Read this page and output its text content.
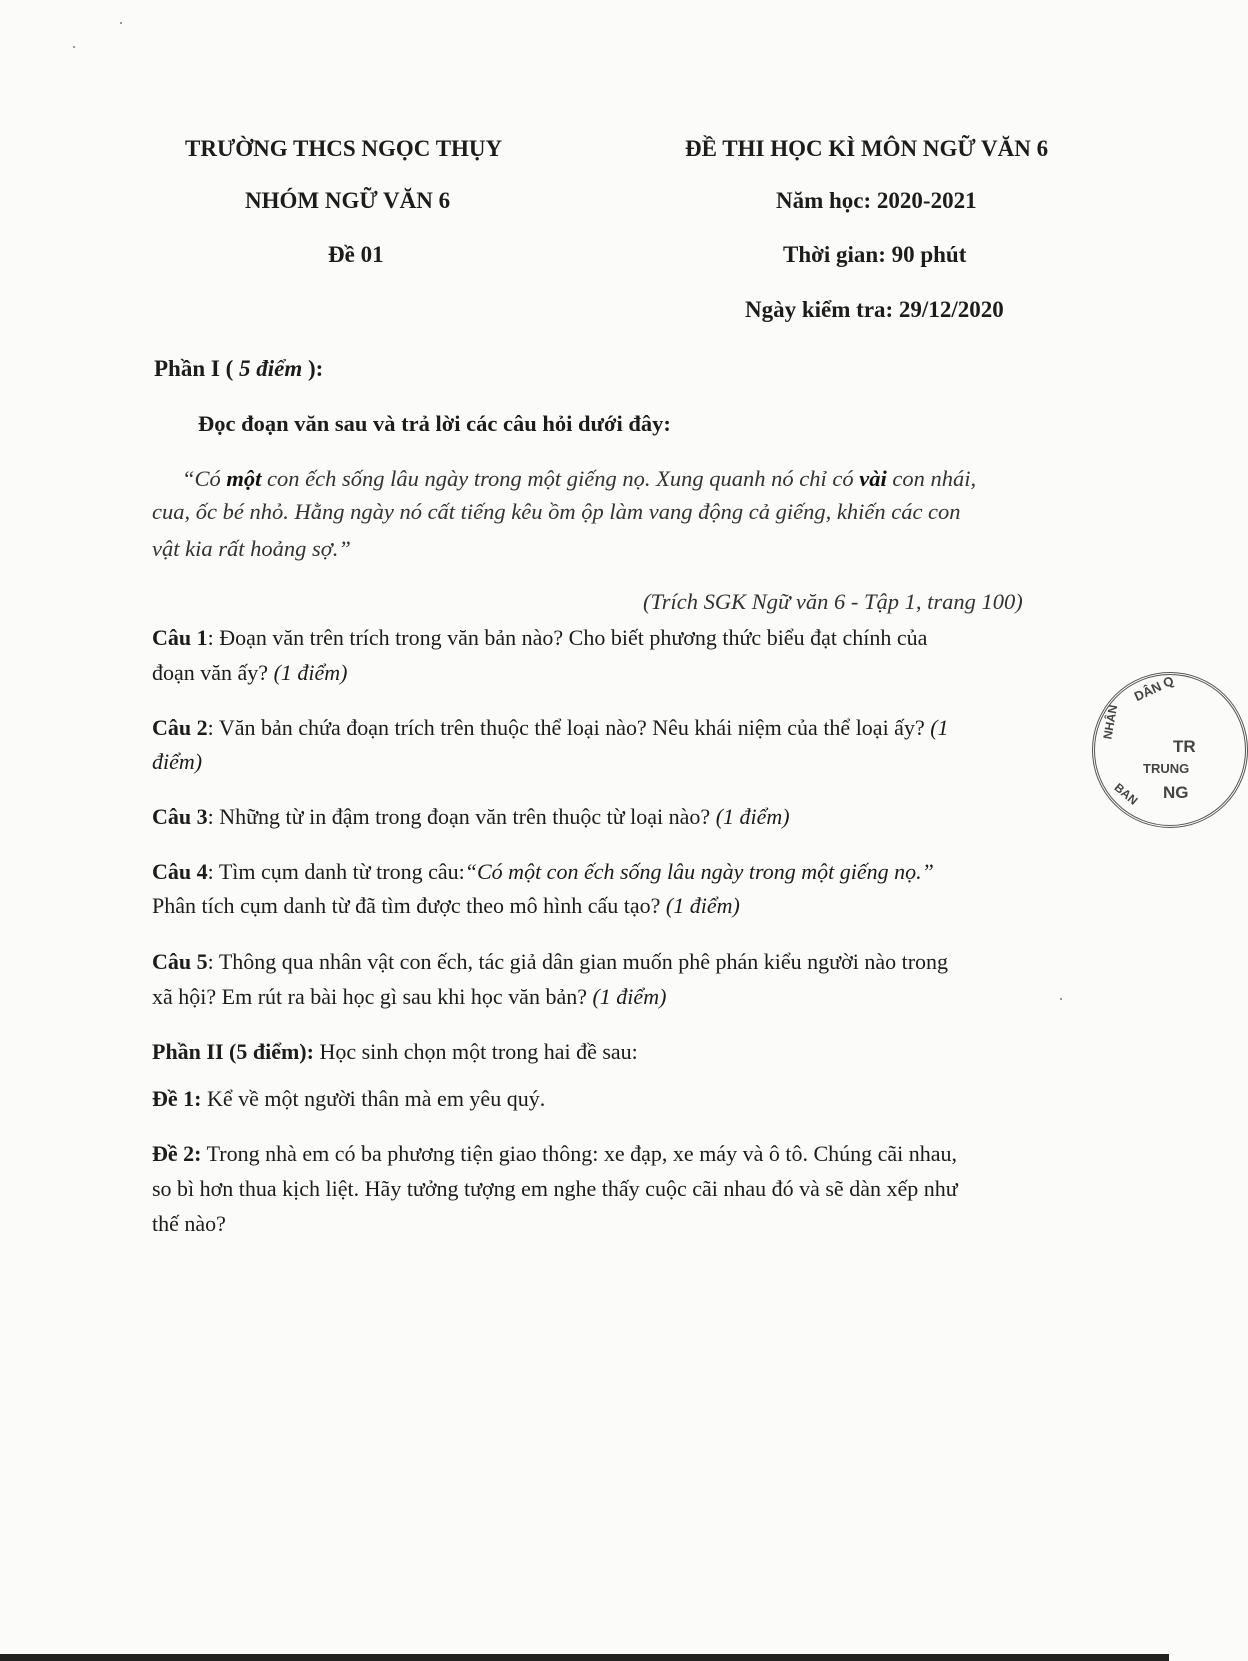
TRƯỜNG THCS NGỌC THỤY
NHÓM NGỮ VĂN 6
Đề 01
ĐỀ THI HỌC KÌ MÔN NGỮ VĂN 6
Năm học: 2020-2021
Thời gian: 90 phút
Ngày kiểm tra: 29/12/2020
Phần I ( 5 điểm ):
Đọc đoạn văn sau và trả lời các câu hỏi dưới đây:
“Có một con ếch sống lâu ngày trong một giếng nọ. Xung quanh nó chỉ có vài con nhái,
cua, ốc bé nhỏ. Hằng ngày nó cất tiếng kêu ồm ộp làm vang động cả giếng, khiến các con
vật kia rất hoảng sợ.”
(Trích SGK Ngữ văn 6 - Tập 1, trang 100)
Câu 1: Đoạn văn trên trích trong văn bản nào? Cho biết phương thức biểu đạt chính của
đoạn văn ấy? (1 điểm)
Câu 2: Văn bản chứa đoạn trích trên thuộc thể loại nào? Nêu khái niệm của thể loại ấy? (1
điểm)
Câu 3: Những từ in đậm trong đoạn văn trên thuộc từ loại nào? (1 điểm)
Câu 4: Tìm cụm danh từ trong câu:“Có một con ếch sống lâu ngày trong một giếng nọ.”
Phân tích cụm danh từ đã tìm được theo mô hình cấu tạo? (1 điểm)
Câu 5: Thông qua nhân vật con ếch, tác giả dân gian muốn phê phán kiểu người nào trong
xã hội? Em rút ra bài học gì sau khi học văn bản? (1 điểm)
Phần II (5 điểm): Học sinh chọn một trong hai đề sau:
Đề 1: Kể về một người thân mà em yêu quý.
Đề 2: Trong nhà em có ba phương tiện giao thông: xe đạp, xe máy và ô tô. Chúng cãi nhau,
so bì hơn thua kịch liệt. Hãy tưởng tượng em nghe thấy cuộc cãi nhau đó và sẽ dàn xếp như
thế nào?
DÂN Q
NHÂN
BAN
TR
TRUNG
NG
